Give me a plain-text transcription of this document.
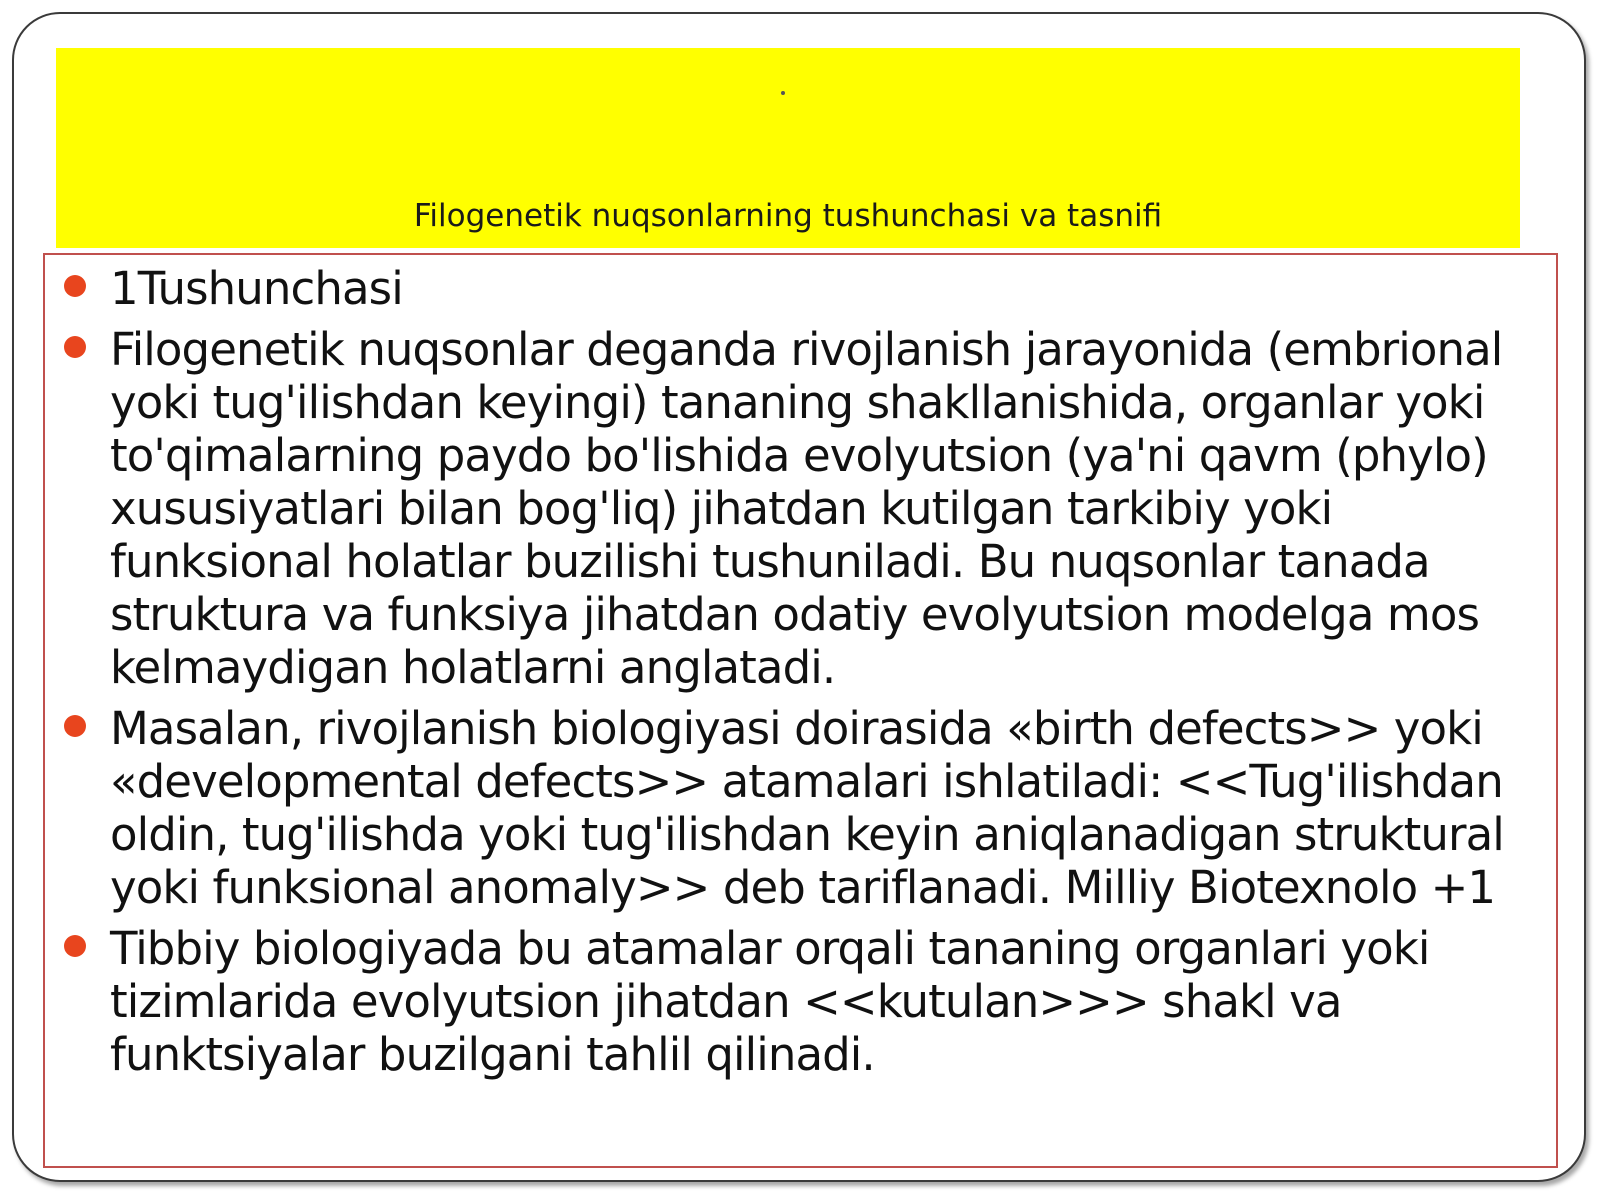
Filogenetik nuqsonlarning tushunchasi va tasnifi
1Tushunchasi
Filogenetik nuqsonlar deganda rivojlanish jarayonida (embrional yoki tug'ilishdan keyingi) tananing shakllanishida, organlar yoki to'qimalarning paydo bo'lishida evolyutsion (ya'ni qavm (phylo) xususiyatlari bilan bog'liq) jihatdan kutilgan tarkibiy yoki funksional holatlar buzilishi tushuniladi. Bu nuqsonlar tanada struktura va funksiya jihatdan odatiy evolyutsion modelga mos kelmaydigan holatlarni anglatadi.
Masalan, rivojlanish biologiyasi doirasida «birth defects>> yoki «developmental defects>> atamalari ishlatiladi: <<Tug'ilishdan oldin, tug'ilishda yoki tug'ilishdan keyin aniqlanadigan struktural yoki funksional anomaly>> deb tariflanadi. Milliy Biotexnolo +1
Tibbiy biologiyada bu atamalar orqali tananing organlari yoki tizimlarida evolyutsion jihatdan <<kutulan>>> shakl va funktsiyalar buzilgani tahlil qilinadi.
